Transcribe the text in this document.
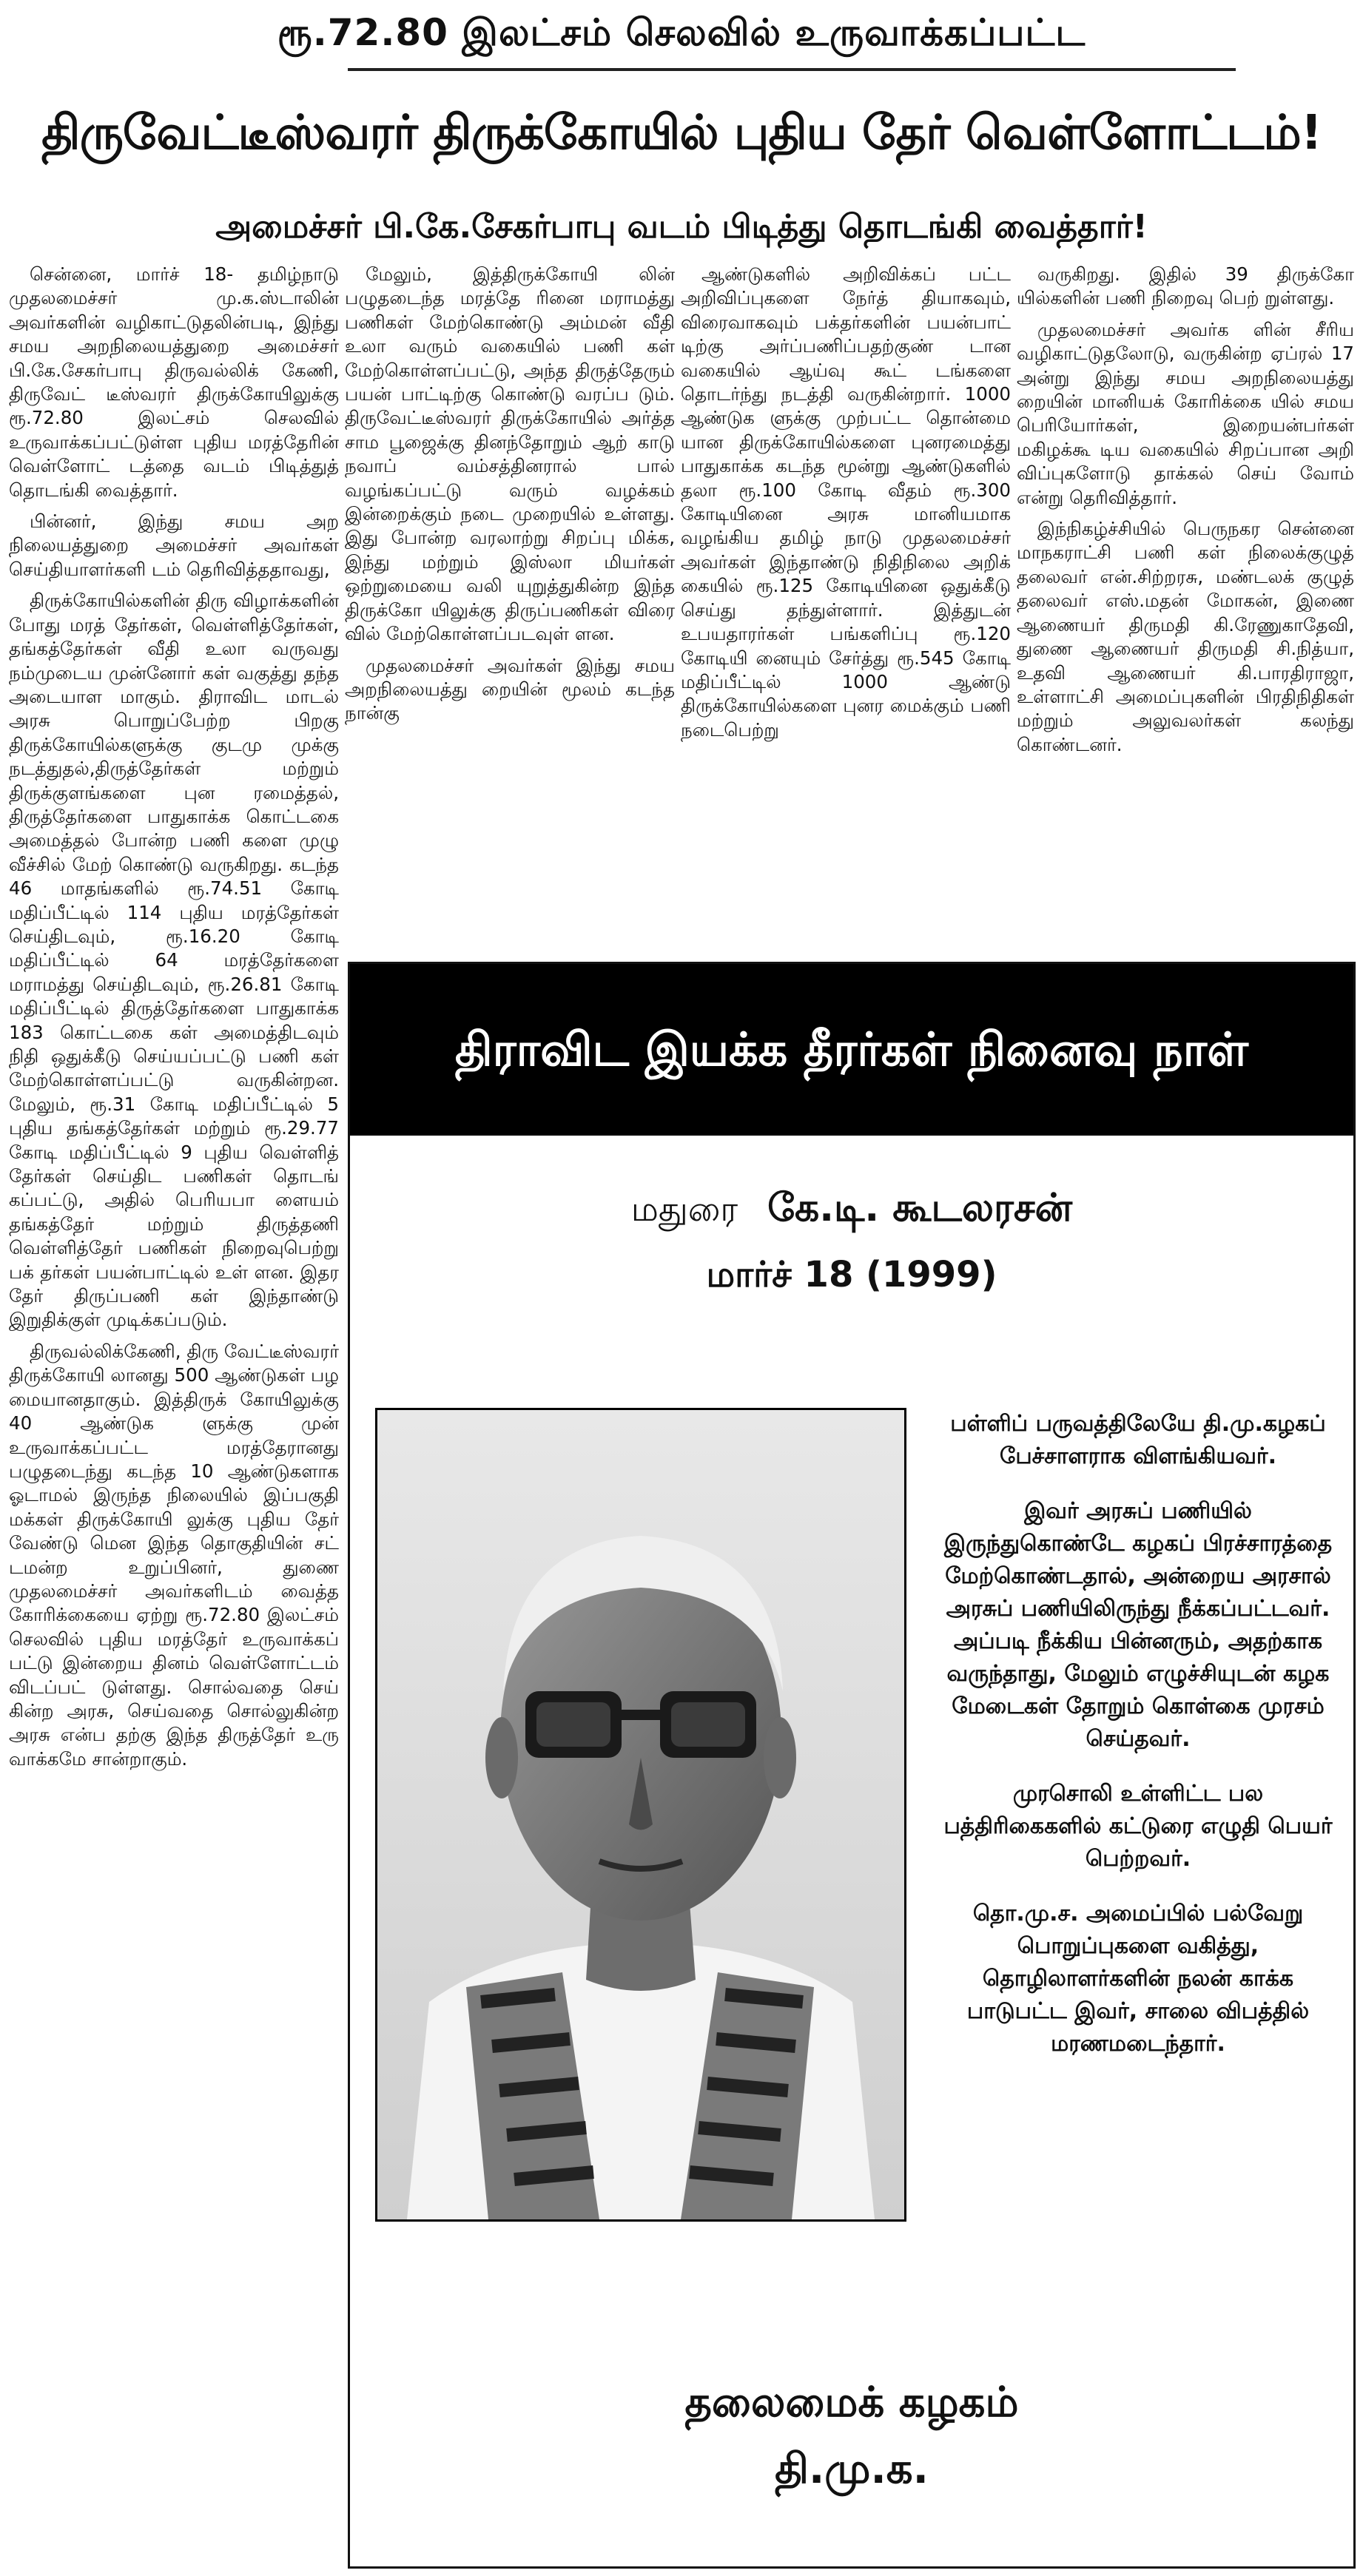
ரூ.72.80 இலட்சம் செலவில் உருவாக்கப்பட்ட
திருவேட்டீஸ்வரர் திருக்கோயில் புதிய தேர் வெள்ளோட்டம்!
அமைச்சர் பி.கே.சேகர்பாபு வடம் பிடித்து தொடங்கி வைத்தார்!

சென்னை, மார்ச் 18- தமிழ்நாடு முதலமைச்சர் மு.க.ஸ்டாலின் அவர்களின் வழிகாட்டுதலின்படி, இந்து சமய அறநிலையத்துறை அமைச்சர் பி.கே.சேகர்பாபு திருவல்லிக் கேணி, திருவேட் டீஸ்வரர் திருக்கோயிலுக்கு ரூ.72.80 இலட்சம் செலவில் உருவாக்கப்பட்டுள்ள புதிய மரத்தேரின் வெள்ளோட் டத்தை வடம் பிடித்துத் தொடங்கி வைத்தார்.

பின்னர், இந்து சமய அற நிலையத்துறை அமைச்சர் அவர்கள் செய்தியாளர்களி டம் தெரிவித்ததாவது,

திருக்கோயில்களின் திரு விழாக்களின் போது மரத் தேர்கள், வெள்ளித்தேர்கள், தங்கத்தேர்கள் வீதி உலா வருவது நம்முடைய முன்னோர் கள் வகுத்து தந்த அடையாள மாகும். திராவிட மாடல் அரசு பொறுப்பேற்ற பிறகு திருக்கோயில்களுக்கு குடமு முக்கு நடத்துதல்,திருத்தேர்கள் மற்றும் திருக்குளங்களை புன ரமைத்தல், திருத்தேர்களை பாதுகாக்க கொட்டகை அமைத்தல் போன்ற பணி களை முழு வீச்சில் மேற் கொண்டு வருகிறது. கடந்த 46 மாதங்களில் ரூ.74.51 கோடி மதிப்பீட்டில் 114 புதிய மரத்தேர்கள் செய்திடவும், ரூ.16.20 கோடி மதிப்பீட்டில் 64 மரத்தேர்களை மராமத்து செய்திடவும், ரூ.26.81 கோடி மதிப்பீட்டில் திருத்தேர்களை பாதுகாக்க 183 கொட்டகை கள் அமைத்திடவும் நிதி ஒதுக்கீடு செய்யப்பட்டு பணி கள் மேற்கொள்ளப்பட்டு வருகின்றன. மேலும், ரூ.31 கோடி மதிப்பீட்டில் 5 புதிய தங்கத்தேர்கள் மற்றும் ரூ.29.77 கோடி மதிப்பீட்டில் 9 புதிய வெள்ளித் தேர்கள் செய்திட பணிகள் தொடங் கப்பட்டு, அதில் பெரியபா ளையம் தங்கத்தேர் மற்றும் திருத்தணி வெள்ளித்தேர் பணிகள் நிறைவுபெற்று பக் தர்கள் பயன்பாட்டில் உள் ளன. இதர தேர் திருப்பணி கள் இந்தாண்டு இறுதிக்குள் முடிக்கப்படும்.

திருவல்லிக்கேணி, திரு வேட்டீஸ்வரர் திருக்கோயி லானது 500 ஆண்டுகள் பழ மையானதாகும். இத்திருக் கோயிலுக்கு 40 ஆண்டுக ளுக்கு முன் உருவாக்கப்பட்ட மரத்தேரானது பழுதடைந்து கடந்த 10 ஆண்டுகளாக ஓடாமல் இருந்த நிலையில் இப்பகுதி மக்கள் திருக்கோயி லுக்கு புதிய தேர் வேண்டு மென இந்த தொகுதியின் சட் டமன்ற உறுப்பினர், துணை முதலமைச்சர் அவர்களிடம் வைத்த கோரிக்கையை ஏற்று ரூ.72.80 இலட்சம் செலவில் புதிய மரத்தேர் உருவாக்கப் பட்டு இன்றைய தினம் வெள்ளோட்டம் விடப்பட் டுள்ளது. சொல்வதை செய் கின்ற அரசு, செய்வதை சொல்லுகின்ற அரசு என்ப தற்கு இந்த திருத்தேர் உரு வாக்கமே சான்றாகும்.

மேலும், இத்திருக்கோயி லின் பழுதடைந்த மரத்தே ரினை மராமத்து பணிகள் மேற்கொண்டு அம்மன் வீதி உலா வரும் வகையில் பணி கள் மேற்கொள்ளப்பட்டு, அந்த திருத்தேரும் பயன் பாட்டிற்கு கொண்டு வரப்ப டும். திருவேட்டீஸ்வரர் திருக்கோயில் அர்த்த சாம பூஜைக்கு தினந்தோறும் ஆற் காடு நவாப் வம்சத்தினரால் பால் வழங்கப்பட்டு வரும் வழக்கம் இன்றைக்கும் நடை முறையில் உள்ளது. இது போன்ற வரலாற்று சிறப்பு மிக்க, இந்து மற்றும் இஸ்லா மியர்கள் ஒற்றுமையை வலி யுறுத்துகின்ற இந்த திருக்கோ யிலுக்கு திருப்பணிகள் விரை வில் மேற்கொள்ளப்படவுள் ளன.

முதலமைச்சர் அவர்கள் இந்து சமய அறநிலையத்து றையின் மூலம் கடந்த நான்கு

ஆண்டுகளில் அறிவிக்கப் பட்ட அறிவிப்புகளை நேர்த் தியாகவும், விரைவாகவும் பக்தர்களின் பயன்பாட் டிற்கு அர்ப்பணிப்பதற்குண் டான வகையில் ஆய்வு கூட் டங்களை தொடர்ந்து நடத்தி வருகின்றார். 1000 ஆண்டுக ளுக்கு முற்பட்ட தொன்மை யான திருக்கோயில்களை புனரமைத்து பாதுகாக்க கடந்த மூன்று ஆண்டுகளில் தலா ரூ.100 கோடி வீதம் ரூ.300 கோடியினை அரசு மானியமாக வழங்கிய தமிழ் நாடு முதலமைச்சர் அவர்கள் இந்தாண்டு நிதிநிலை அறிக் கையில் ரூ.125 கோடியினை ஒதுக்கீடு செய்து தந்துள்ளார். இத்துடன் உபயதாரர்கள் பங்களிப்பு ரூ.120 கோடியி னையும் சேர்த்து ரூ.545 கோடி மதிப்பீட்டில் 1000 ஆண்டு திருக்கோயில்களை புனர மைக்கும் பணி நடைபெற்று

வருகிறது. இதில் 39 திருக்கோ யில்களின் பணி நிறைவு பெற் றுள்ளது.

முதலமைச்சர் அவர்க ளின் சீரிய வழிகாட்டுதலோடு, வருகின்ற ஏப்ரல் 17 அன்று இந்து சமய அறநிலையத்து றையின் மானியக் கோரிக்கை யில் சமய பெரியோர்கள், இறையன்பர்கள் மகிழக்கூ டிய வகையில் சிறப்பான அறி விப்புகளோடு தாக்கல் செய் வோம் என்று தெரிவித்தார்.

இந்நிகழ்ச்சியில் பெருநகர சென்னை மாநகராட்சி பணி கள் நிலைக்குழுத் தலைவர் என்.சிற்றரசு, மண்டலக் குழுத் தலைவர் எஸ்.மதன் மோகன், இணை ஆணையர் திருமதி கி.ரேணுகாதேவி, துணை ஆணையர் திருமதி சி.நித்யா, உதவி ஆணையர் கி.பாரதிராஜா, உள்ளாட்சி அமைப்புகளின் பிரதிநிதிகள் மற்றும் அலுவலர்கள் கலந்து கொண்டனர்.

திராவிட இயக்க தீரர்கள் நினைவு நாள்
மதுரை கே.டி. கூடலரசன்
மார்ச் 18 (1999)

பள்ளிப் பருவத்திலேயே தி.மு.கழகப் பேச்சாளராக விளங்கியவர்.

இவர் அரசுப் பணியில் இருந்துகொண்டே கழகப் பிரச்சாரத்தை மேற்கொண்டதால், அன்றைய அரசால் அரசுப் பணியிலிருந்து நீக்கப்பட்டவர். அப்படி நீக்கிய பின்னரும், அதற்காக வருந்தாது, மேலும் எழுச்சியுடன் கழக மேடைகள் தோறும் கொள்கை முரசம் செய்தவர்.

முரசொலி உள்ளிட்ட பல பத்திரிகைகளில் கட்டுரை எழுதி பெயர் பெற்றவர்.

தொ.மு.ச. அமைப்பில் பல்வேறு பொறுப்புகளை வகித்து, தொழிலாளர்களின் நலன் காக்க பாடுபட்ட இவர், சாலை விபத்தில் மரணமடைந்தார்.

தலைமைக் கழகம்
தி.மு.க.
